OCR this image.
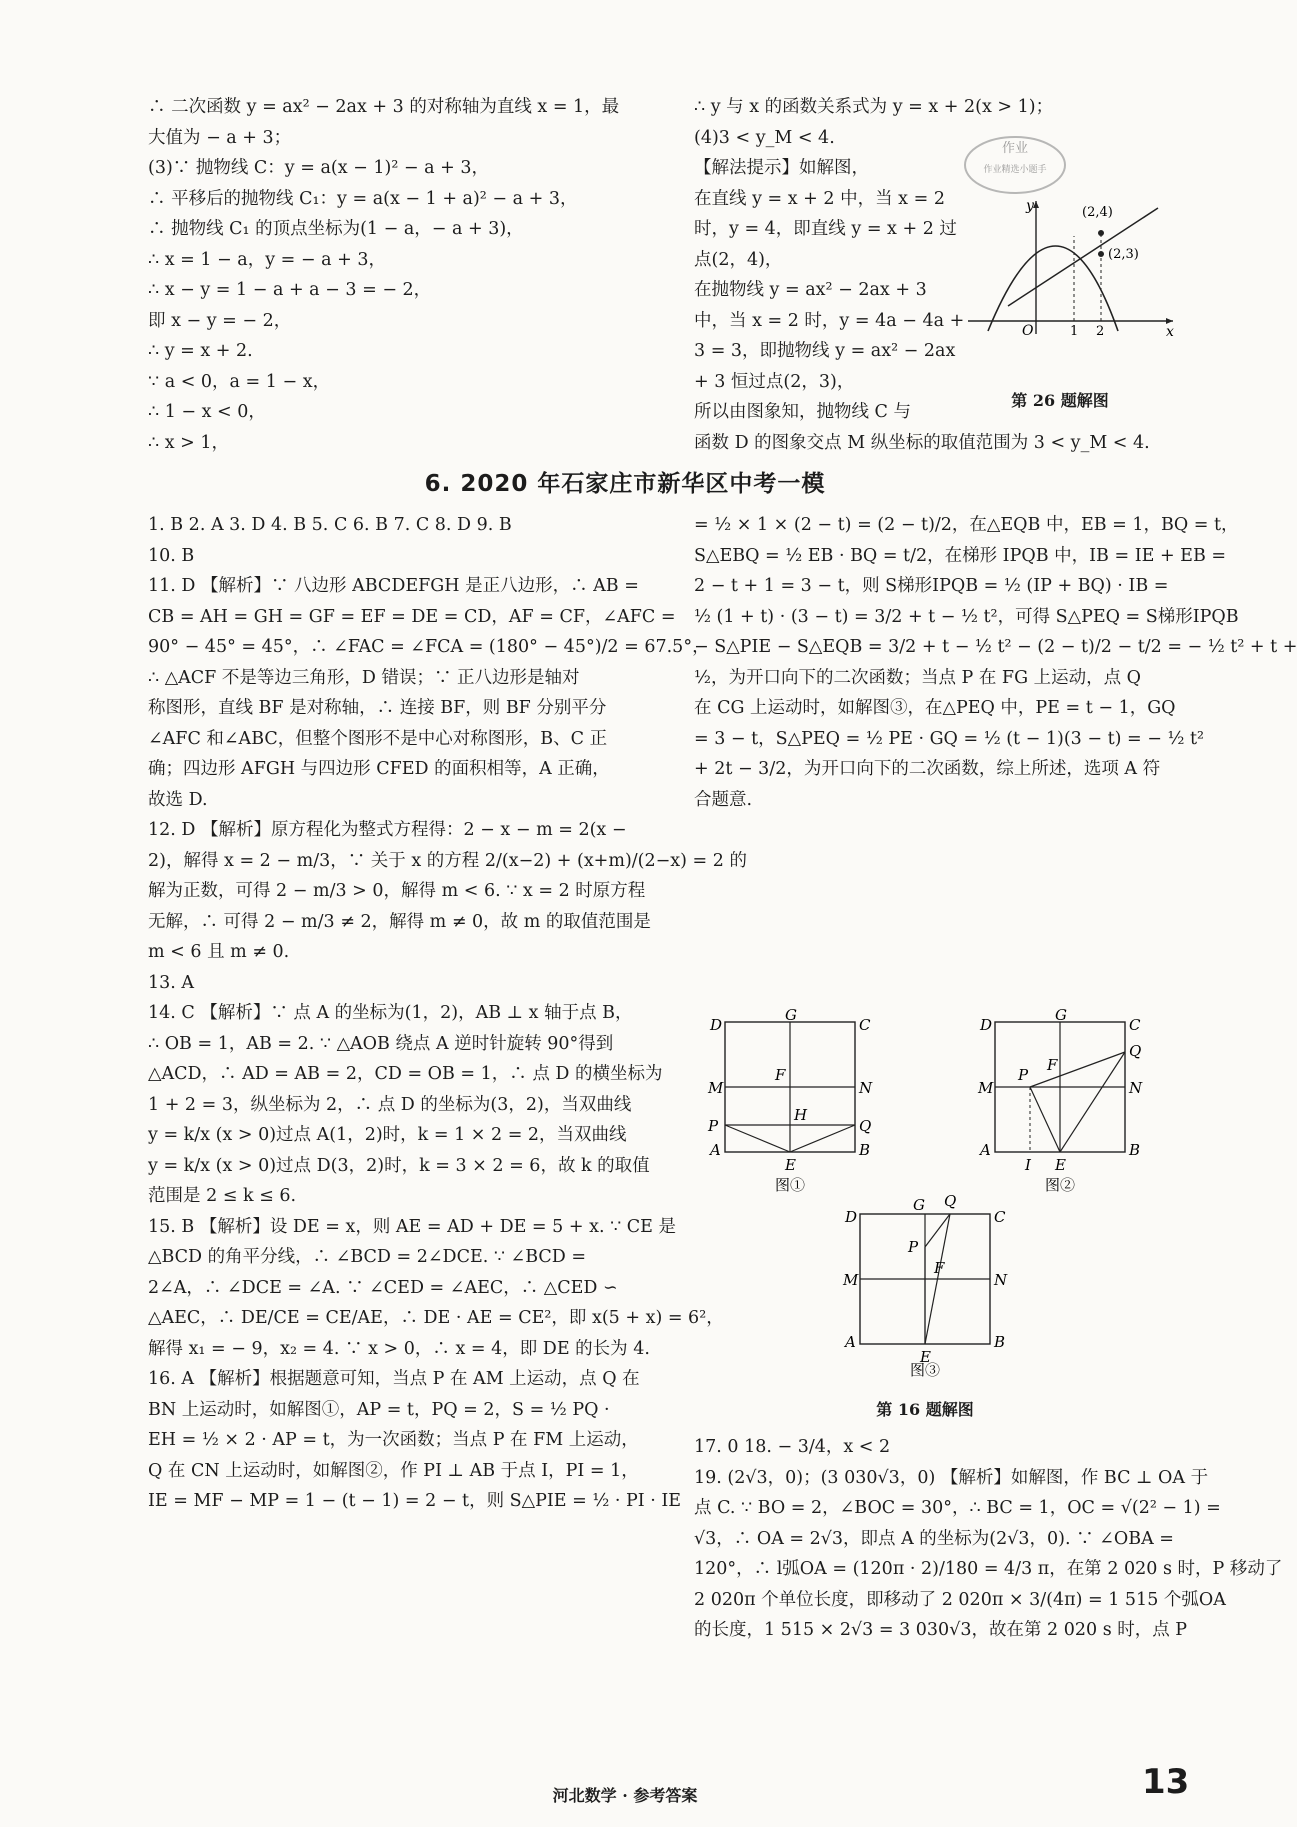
∴ 二次函数 y = ax² − 2ax + 3 的对称轴为直线 x = 1，最
大值为 − a + 3；
(3)∵ 抛物线 C：y = a(x − 1)² − a + 3，
∴ 平移后的抛物线 C₁：y = a(x − 1 + a)² − a + 3，
∴ 抛物线 C₁ 的顶点坐标为(1 − a，− a + 3)，
∴ x = 1 − a，y = − a + 3，
∴ x − y = 1 − a + a − 3 = − 2，
即 x − y = − 2，
∴ y = x + 2.
∵ a < 0，a = 1 − x，
∴ 1 − x < 0，
∴ x > 1，
∴ y 与 x 的函数关系式为 y = x + 2(x > 1)；
(4)3 < y_M < 4.
【解法提示】如解图，
在直线 y = x + 2 中，当 x = 2
时，y = 4，即直线 y = x + 2 过
点(2，4)，
在抛物线 y = ax² − 2ax + 3
中，当 x = 2 时，y = 4a − 4a +
3 = 3，即抛物线 y = ax² − 2ax
+ 3 恒过点(2，3)，
所以由图象知，抛物线 C 与
函数 D 的图象交点 M 纵坐标的取值范围为 3 < y_M < 4.
作业
作业精选小题手
y
x
O	1 2
(2,4)
(2,3)
第 26 题解图
6. 2020 年石家庄市新华区中考一模
1. B 2. A 3. D 4. B 5. C 6. B 7. C 8. D 9. B
10. B
11. D 【解析】∵ 八边形 ABCDEFGH 是正八边形，∴ AB =
CB = AH = GH = GF = EF = DE = CD，AF = CF，∠AFC =
90° − 45° = 45°，∴ ∠FAC = ∠FCA = (180° − 45°)/2 = 67.5°，
∴ △ACF 不是等边三角形，D 错误；∵ 正八边形是轴对
称图形，直线 BF 是对称轴，∴ 连接 BF，则 BF 分别平分
∠AFC 和∠ABC，但整个图形不是中心对称图形，B、C 正
确；四边形 AFGH 与四边形 CFED 的面积相等，A 正确，
故选 D.
12. D 【解析】原方程化为整式方程得：2 − x − m = 2(x −
2)，解得 x = 2 − m/3，∵ 关于 x 的方程 2/(x−2) + (x+m)/(2−x) = 2 的
解为正数，可得 2 − m/3 > 0，解得 m < 6. ∵ x = 2 时原方程
无解，∴ 可得 2 − m/3 ≠ 2，解得 m ≠ 0，故 m 的取值范围是
m < 6 且 m ≠ 0.
13. A
14. C 【解析】∵ 点 A 的坐标为(1，2)，AB ⊥ x 轴于点 B，
∴ OB = 1，AB = 2. ∵ △AOB 绕点 A 逆时针旋转 90°得到
△ACD，∴ AD = AB = 2，CD = OB = 1，∴ 点 D 的横坐标为
1 + 2 = 3，纵坐标为 2，∴ 点 D 的坐标为(3，2)，当双曲线
y = k/x (x > 0)过点 A(1，2)时，k = 1 × 2 = 2，当双曲线
y = k/x (x > 0)过点 D(3，2)时，k = 3 × 2 = 6，故 k 的取值
范围是 2 ≤ k ≤ 6.
15. B 【解析】设 DE = x，则 AE = AD + DE = 5 + x. ∵ CE 是
△BCD 的角平分线，∴ ∠BCD = 2∠DCE. ∵ ∠BCD =
2∠A，∴ ∠DCE = ∠A. ∵ ∠CED = ∠AEC，∴ △CED ∽
△AEC，∴ DE/CE = CE/AE，∴ DE · AE = CE²，即 x(5 + x) = 6²，
解得 x₁ = − 9，x₂ = 4. ∵ x > 0，∴ x = 4，即 DE 的长为 4.
16. A 【解析】根据题意可知，当点 P 在 AM 上运动，点 Q 在
BN 上运动时，如解图①，AP = t，PQ = 2，S = ½ PQ ·
EH = ½ × 2 · AP = t，为一次函数；当点 P 在 FM 上运动，
Q 在 CN 上运动时，如解图②，作 PI ⊥ AB 于点 I，PI = 1，
IE = MF − MP = 1 − (t − 1) = 2 − t，则 S△PIE = ½ · PI · IE
= ½ × 1 × (2 − t) = (2 − t)/2，在△EQB 中，EB = 1，BQ = t，
S△EBQ = ½ EB · BQ = t/2，在梯形 IPQB 中，IB = IE + EB =
2 − t + 1 = 3 − t，则 S梯形IPQB = ½ (IP + BQ) · IB =
½ (1 + t) · (3 − t) = 3/2 + t − ½ t²，可得 S△PEQ = S梯形IPQB
− S△PIE − S△EQB = 3/2 + t − ½ t² − (2 − t)/2 − t/2 = − ½ t² + t +
½，为开口向下的二次函数；当点 P 在 FG 上运动，点 Q
在 CG 上运动时，如解图③，在△PEQ 中，PE = t − 1，GQ
= 3 − t，S△PEQ = ½ PE · GQ = ½ (t − 1)(3 − t) = − ½ t²
+ 2t − 3/2，为开口向下的二次函数，综上所述，选项 A 符
合题意.
D
G
C
F
M	N
H
P	Q
A	B
E
图①
D
G
C
Q
F
P
M	N
A	B
I E
图②
D
G Q
C
P
F
M	N
A	B
E
图③
第 16 题解图
17. 0 18. − 3/4，x < 2
19. (2√3，0)；(3 030√3，0) 【解析】如解图，作 BC ⊥ OA 于
点 C. ∵ BO = 2，∠BOC = 30°，∴ BC = 1，OC = √(2² − 1) =
√3，∴ OA = 2√3，即点 A 的坐标为(2√3，0). ∵ ∠OBA =
120°，∴ l弧OA = (120π · 2)/180 = 4/3 π，在第 2 020 s 时，P 移动了
2 020π 个单位长度，即移动了 2 020π × 3/(4π) = 1 515 个弧OA
的长度，1 515 × 2√3 = 3 030√3，故在第 2 020 s 时，点 P
河北数学 · 参考答案	13
